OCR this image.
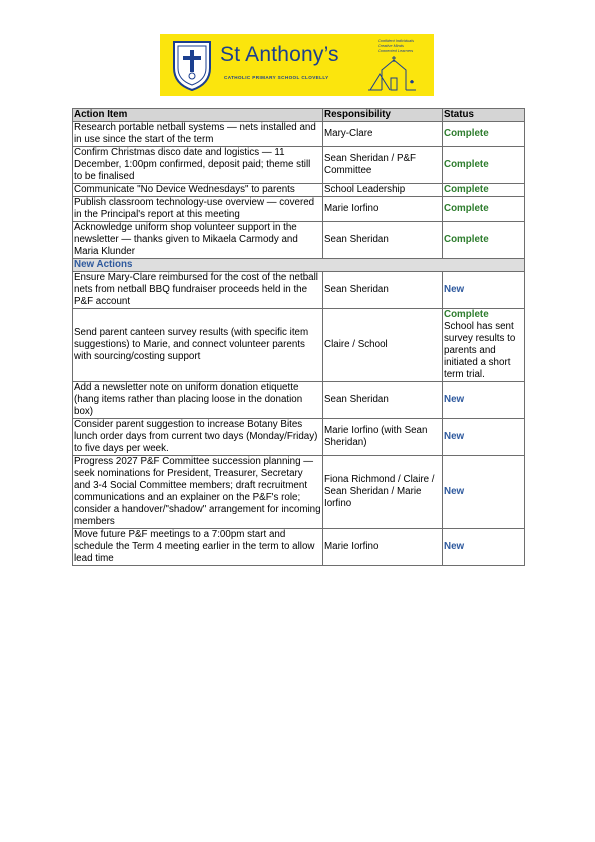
St Anthony’s
CATHOLIC PRIMARY SCHOOL CLOVELLY
Confident Individuals
Creative Minds
Connected Learners
Action Item	Responsibility	Status
Research portable netball systems — nets installed and in use since the start of the term	Mary-Clare	Complete
Confirm Christmas disco date and logistics — 11 December, 1:00pm confirmed, deposit paid; theme still to be finalised	Sean Sheridan / P&F Committee	Complete
Communicate "No Device Wednesdays" to parents	School Leadership	Complete
Publish classroom technology-use overview — covered in the Principal's report at this meeting	Marie Iorfino	Complete
Acknowledge uniform shop volunteer support in the newsletter — thanks given to Mikaela Carmody and Maria Klunder	Sean Sheridan	Complete
New Actions		
Ensure Mary-Clare reimbursed for the cost of the netball nets from netball BBQ fundraiser proceeds held in the P&F account	Sean Sheridan	New
Send parent canteen survey results (with specific item suggestions) to Marie, and connect volunteer parents with sourcing/costing support	Claire / School	Complete
School has sent survey results to parents and initiated a short term trial.

Add a newsletter note on uniform donation etiquette (hang items rather than placing loose in the donation box)	Sean Sheridan	New
Consider parent suggestion to increase Botany Bites lunch order days from current two days (Monday/Friday) to five days per week.	Marie Iorfino (with Sean Sheridan)	New
Progress 2027 P&F Committee succession planning — seek nominations for President, Treasurer, Secretary and 3-4 Social Committee members; draft recruitment communications and an explainer on the P&F's role; consider a handover/"shadow" arrangement for incoming members	Fiona Richmond / Claire / Sean Sheridan / Marie Iorfino	New
Move future P&F meetings to a 7:00pm start and schedule the Term 4 meeting earlier in the term to allow lead time	Marie Iorfino	New
